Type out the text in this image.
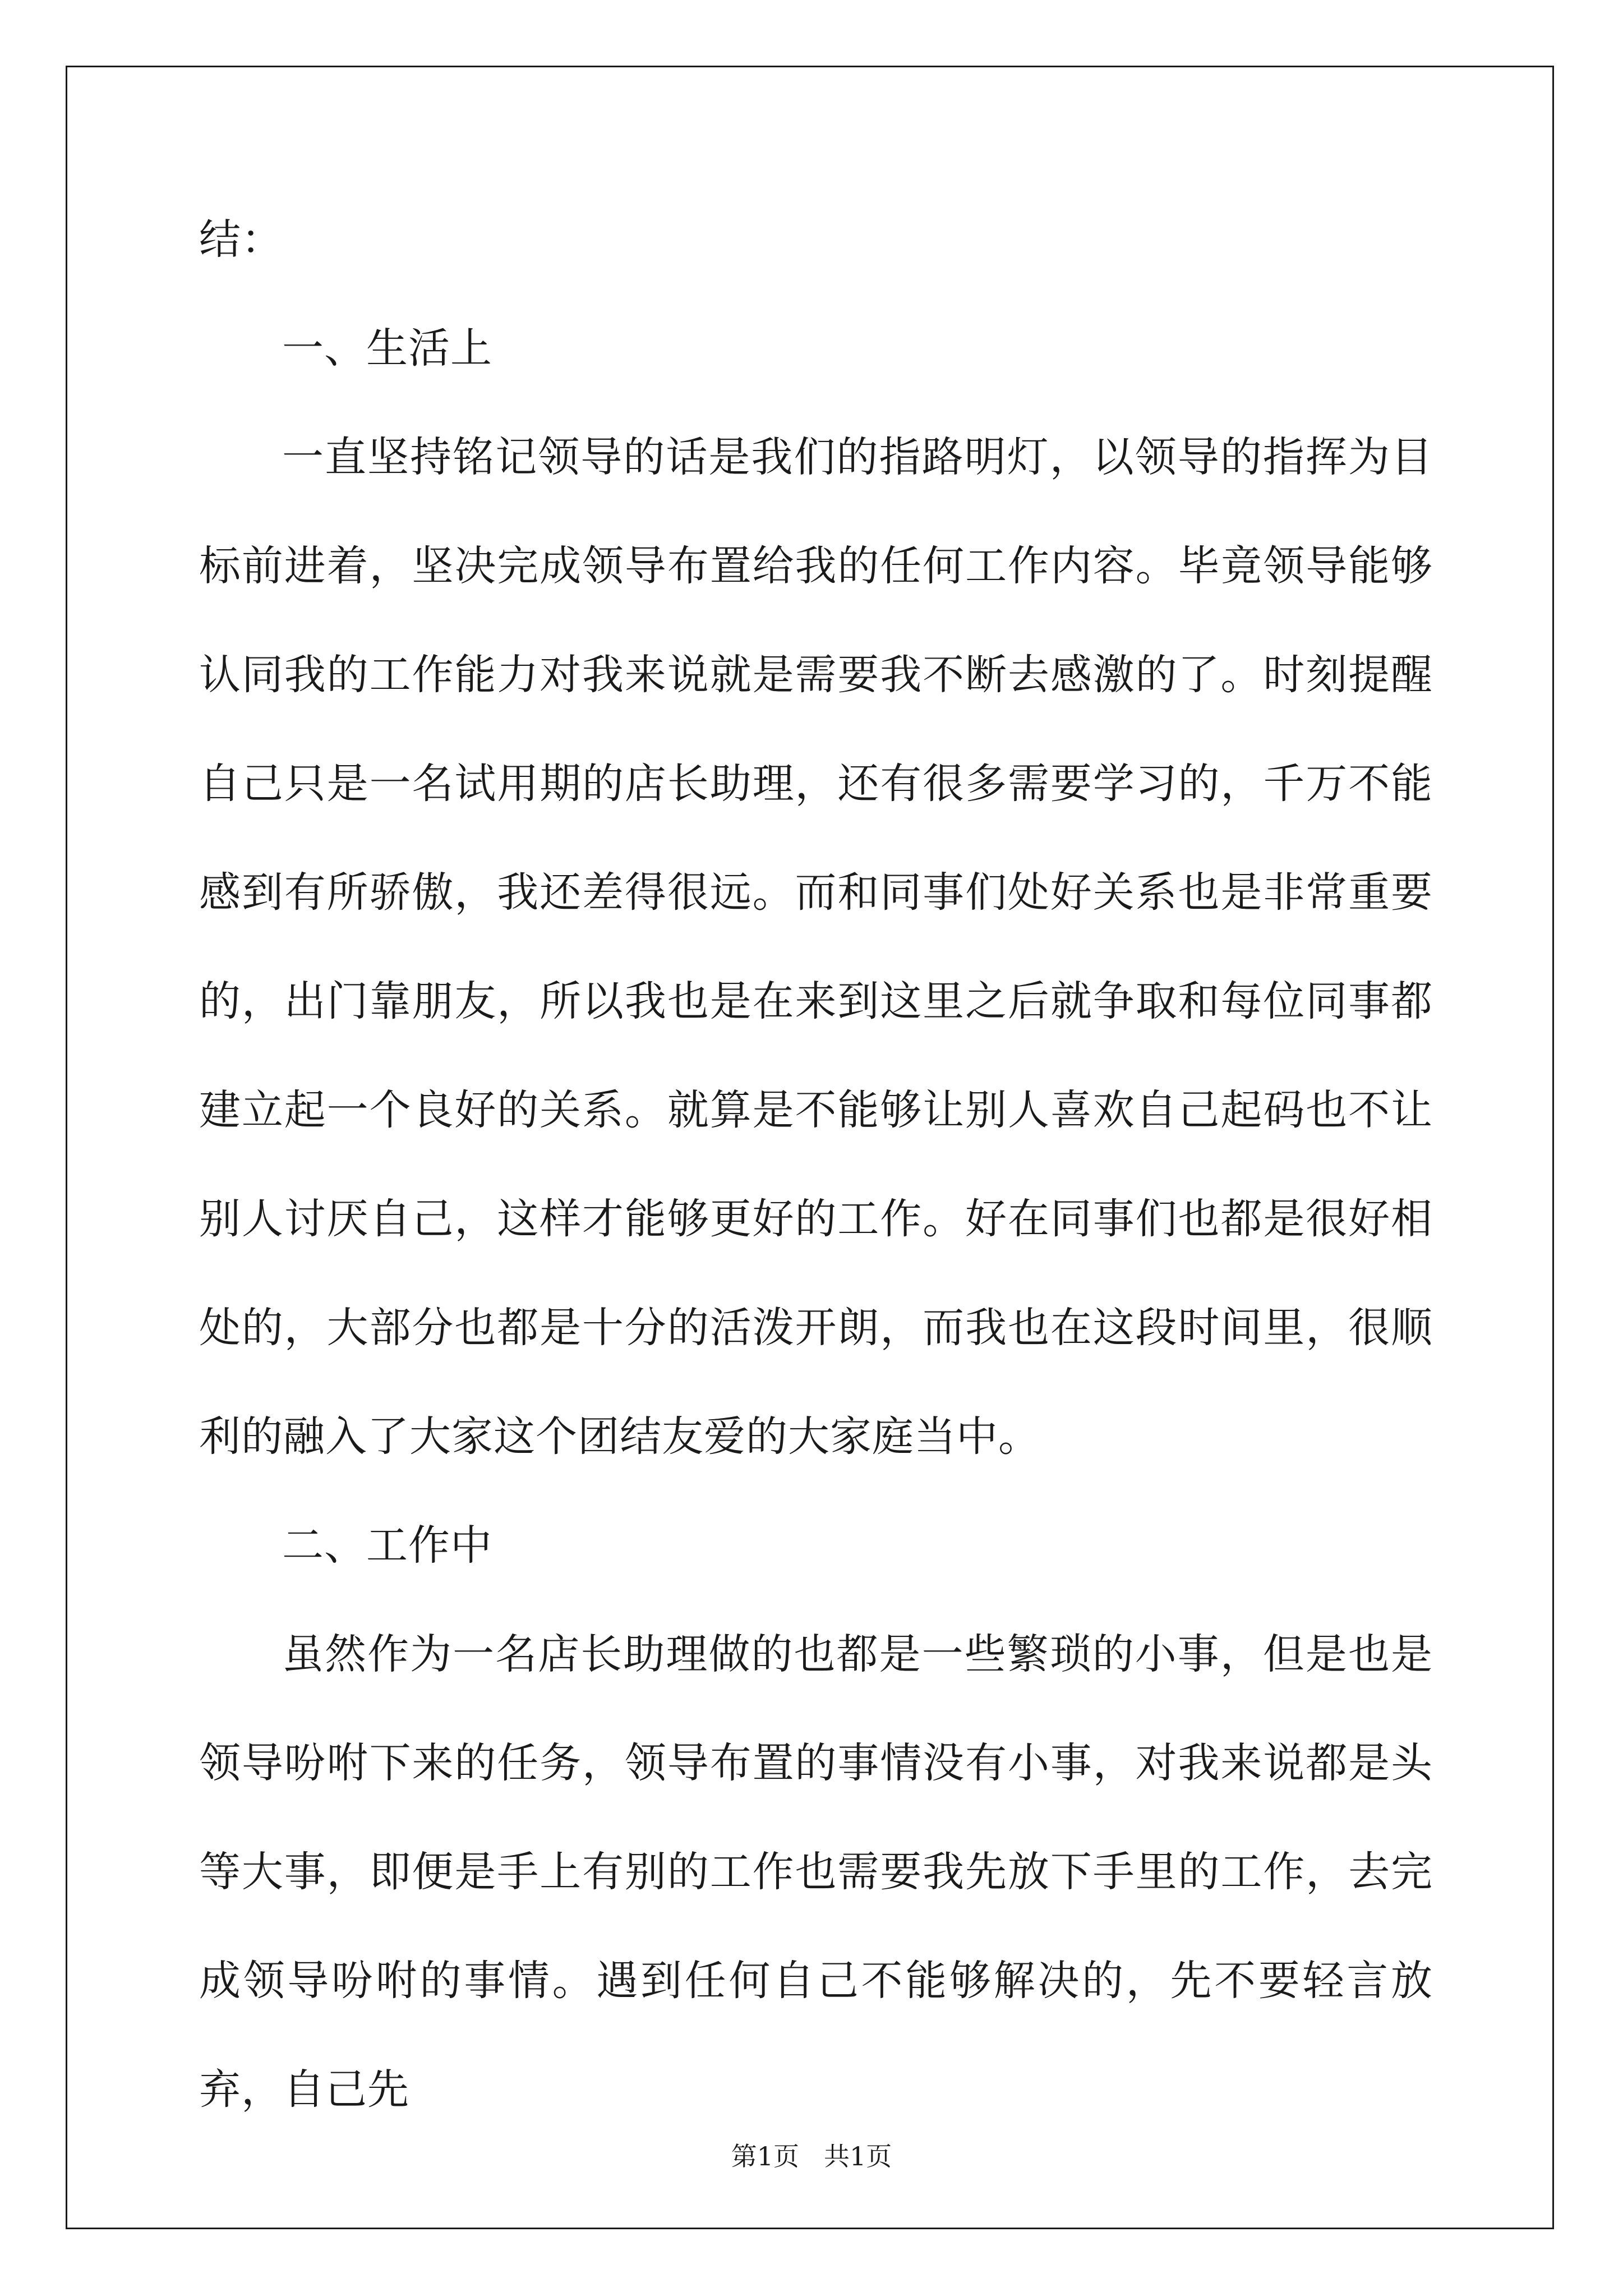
结：

一、生活上

一直坚持铭记领导的话是我们的指路明灯，以领导的指挥为目标前进着，坚决完成领导布置给我的任何工作内容。毕竟领导能够认同我的工作能力对我来说就是需要我不断去感激的了。时刻提醒自己只是一名试用期的店长助理，还有很多需要学习的，千万不能感到有所骄傲，我还差得很远。而和同事们处好关系也是非常重要的，出门靠朋友，所以我也是在来到这里之后就争取和每位同事都建立起一个良好的关系。就算是不能够让别人喜欢自己起码也不让别人讨厌自己，这样才能够更好的工作。好在同事们也都是很好相处的，大部分也都是十分的活泼开朗，而我也在这段时间里，很顺利的融入了大家这个团结友爱的大家庭当中。

二、工作中

虽然作为一名店长助理做的也都是一些繁琐的小事，但是也是领导吩咐下来的任务，领导布置的事情没有小事，对我来说都是头等大事，即便是手上有别的工作也需要我先放下手里的工作，去完成领导吩咐的事情。遇到任何自己不能够解决的，先不要轻言放弃，自己先

第1页 共1页
